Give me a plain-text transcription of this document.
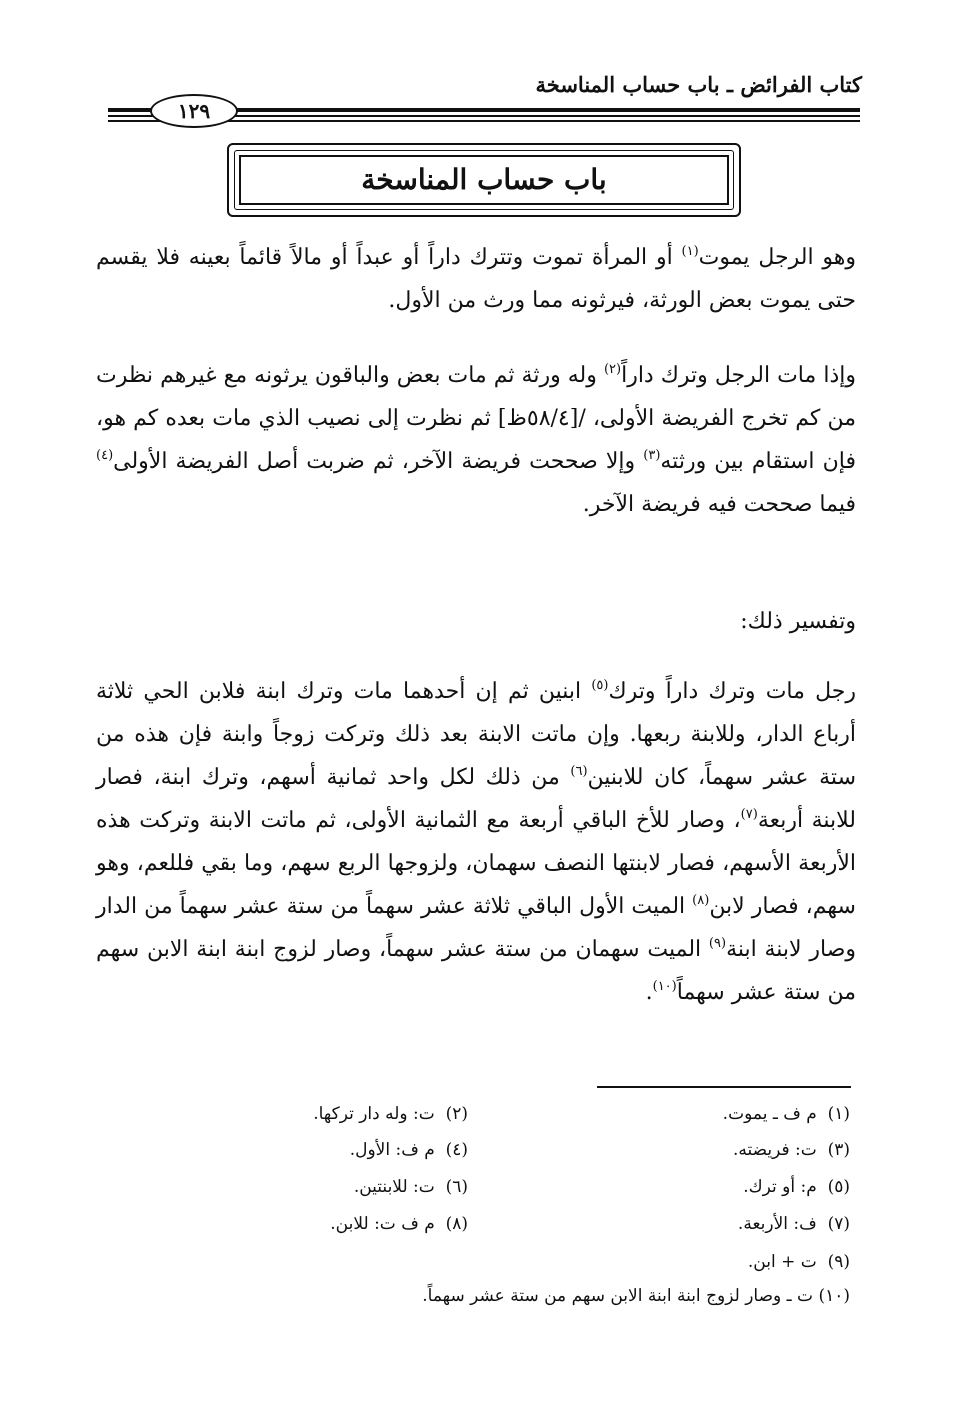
كتاب الفرائض ـ باب حساب المناسخة
١٢٩
باب حساب المناسخة
وهو الرجل يموت$^{(١)}$ أو المرأة تموت وتترك داراً أو عبداً أو مالاً قائماً بعينه فلا يقسم حتى يموت بعض الورثة، فيرثونه مما ورث من الأول.
وإذا مات الرجل وترك داراً$^{(٢)}$ وله ورثة ثم مات بعض والباقون يرثونه مع غيرهم نظرت من كم تخرج الفريضة الأولى، /[٥٨/٤ظ] ثم نظرت إلى نصيب الذي مات بعده كم هو، فإن استقام بين ورثته$^{(٣)}$ وإلا صححت فريضة الآخر، ثم ضربت أصل الفريضة الأولى$^{(٤)}$ فيما صححت فيه فريضة الآخر.
وتفسير ذلك:
رجل مات وترك داراً وترك$^{(٥)}$ ابنين ثم إن أحدهما مات وترك ابنة فلابن الحي ثلاثة أرباع الدار، وللابنة ربعها. وإن ماتت الابنة بعد ذلك وتركت زوجاً وابنة فإن هذه من ستة عشر سهماً، كان للابنين$^{(٦)}$ من ذلك لكل واحد ثمانية أسهم، وترك ابنة، فصار للابنة أربعة$^{(٧)}$، وصار للأخ الباقي أربعة مع الثمانية الأولى، ثم ماتت الابنة وتركت هذه الأربعة الأسهم، فصار لابنتها النصف سهمان، ولزوجها الربع سهم، وما بقي فللعم، وهو سهم، فصار لابن$^{(٨)}$ الميت الأول الباقي ثلاثة عشر سهماً من ستة عشر سهماً من الدار وصار لابنة ابنة$^{(٩)}$ الميت سهمان من ستة عشر سهماً، وصار لزوج ابنة ابنة الابن سهم من ستة عشر سهماً$^{(١٠)}$.
(١)  م ف ـ يموت.
(٢)  ت: وله دار تركها.
(٣)  ت: فريضته.
(٤)  م ف: الأول.
(٥)  م: أو ترك.
(٦)  ت: للابنتين.
(٧)  ف: الأربعة.
(٨)  م ف ت: للابن.
(٩)  ت + ابن.
(١٠) ت ـ وصار لزوج ابنة ابنة الابن سهم من ستة عشر سهماً.
